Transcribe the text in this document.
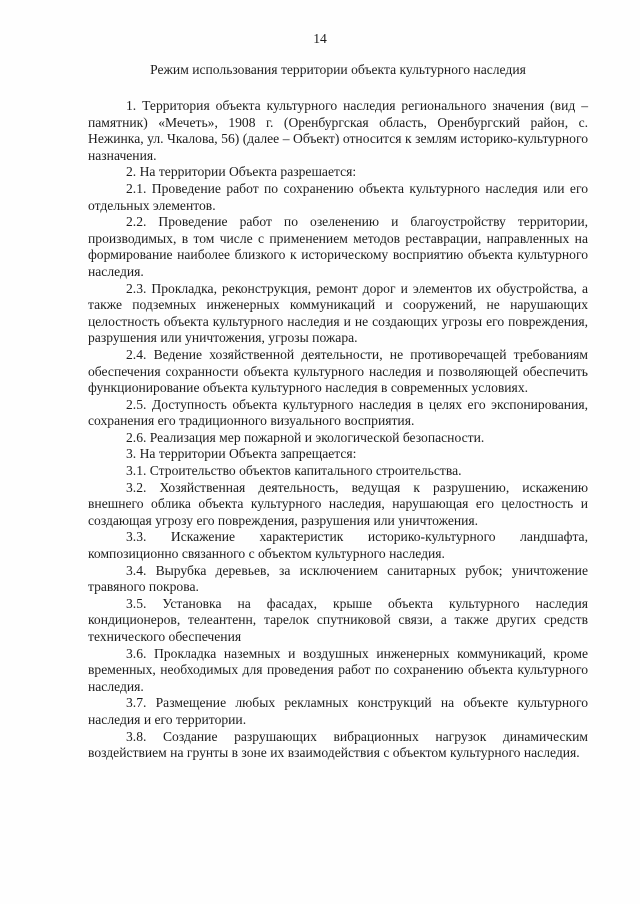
14
Режим использования территории объекта культурного наследия

1. Территория объекта культурного наследия регионального значения (вид – памятник) «Мечеть», 1908 г. (Оренбургская область, Оренбургский район, с. Нежинка, ул. Чкалова, 56) (далее – Объект) относится к землям историко-культурного назначения.

2. На территории Объекта разрешается:

2.1. Проведение работ по сохранению объекта культурного наследия или его отдельных элементов.

2.2. Проведение работ по озеленению и благоустройству территории, производимых, в том числе с применением методов реставрации, направленных на формирование наиболее близкого к историческому восприятию объекта культурного наследия.

2.3. Прокладка, реконструкция, ремонт дорог и элементов их обустройства, а также подземных инженерных коммуникаций и сооружений, не нарушающих целостность объекта культурного наследия и не создающих угрозы его повреждения, разрушения или уничтожения, угрозы пожара.

2.4. Ведение хозяйственной деятельности, не противоречащей требованиям обеспечения сохранности объекта культурного наследия и позволяющей обеспечить функционирование объекта культурного наследия в современных условиях.

2.5. Доступность объекта культурного наследия в целях его экспонирования, сохранения его традиционного визуального восприятия.

2.6. Реализация мер пожарной и экологической безопасности.

3. На территории Объекта запрещается:

3.1. Строительство объектов капитального строительства.

3.2. Хозяйственная деятельность, ведущая к разрушению, искажению внешнего облика объекта культурного наследия, нарушающая его целостность и создающая угрозу его повреждения, разрушения или уничтожения.

3.3. Искажение характеристик историко-культурного ландшафта, композиционно связанного с объектом культурного наследия.

3.4. Вырубка деревьев, за исключением санитарных рубок; уничтожение травяного покрова.

3.5. Установка на фасадах, крыше объекта культурного наследия кондиционеров, телеантенн, тарелок спутниковой связи, а также других средств технического обеспечения

3.6. Прокладка наземных и воздушных инженерных коммуникаций, кроме временных, необходимых для проведения работ по сохранению объекта культурного наследия.

3.7. Размещение любых рекламных конструкций на объекте культурного наследия и его территории.

3.8. Создание разрушающих вибрационных нагрузок динамическим воздействием на грунты в зоне их взаимодействия с объектом культурного наследия.
